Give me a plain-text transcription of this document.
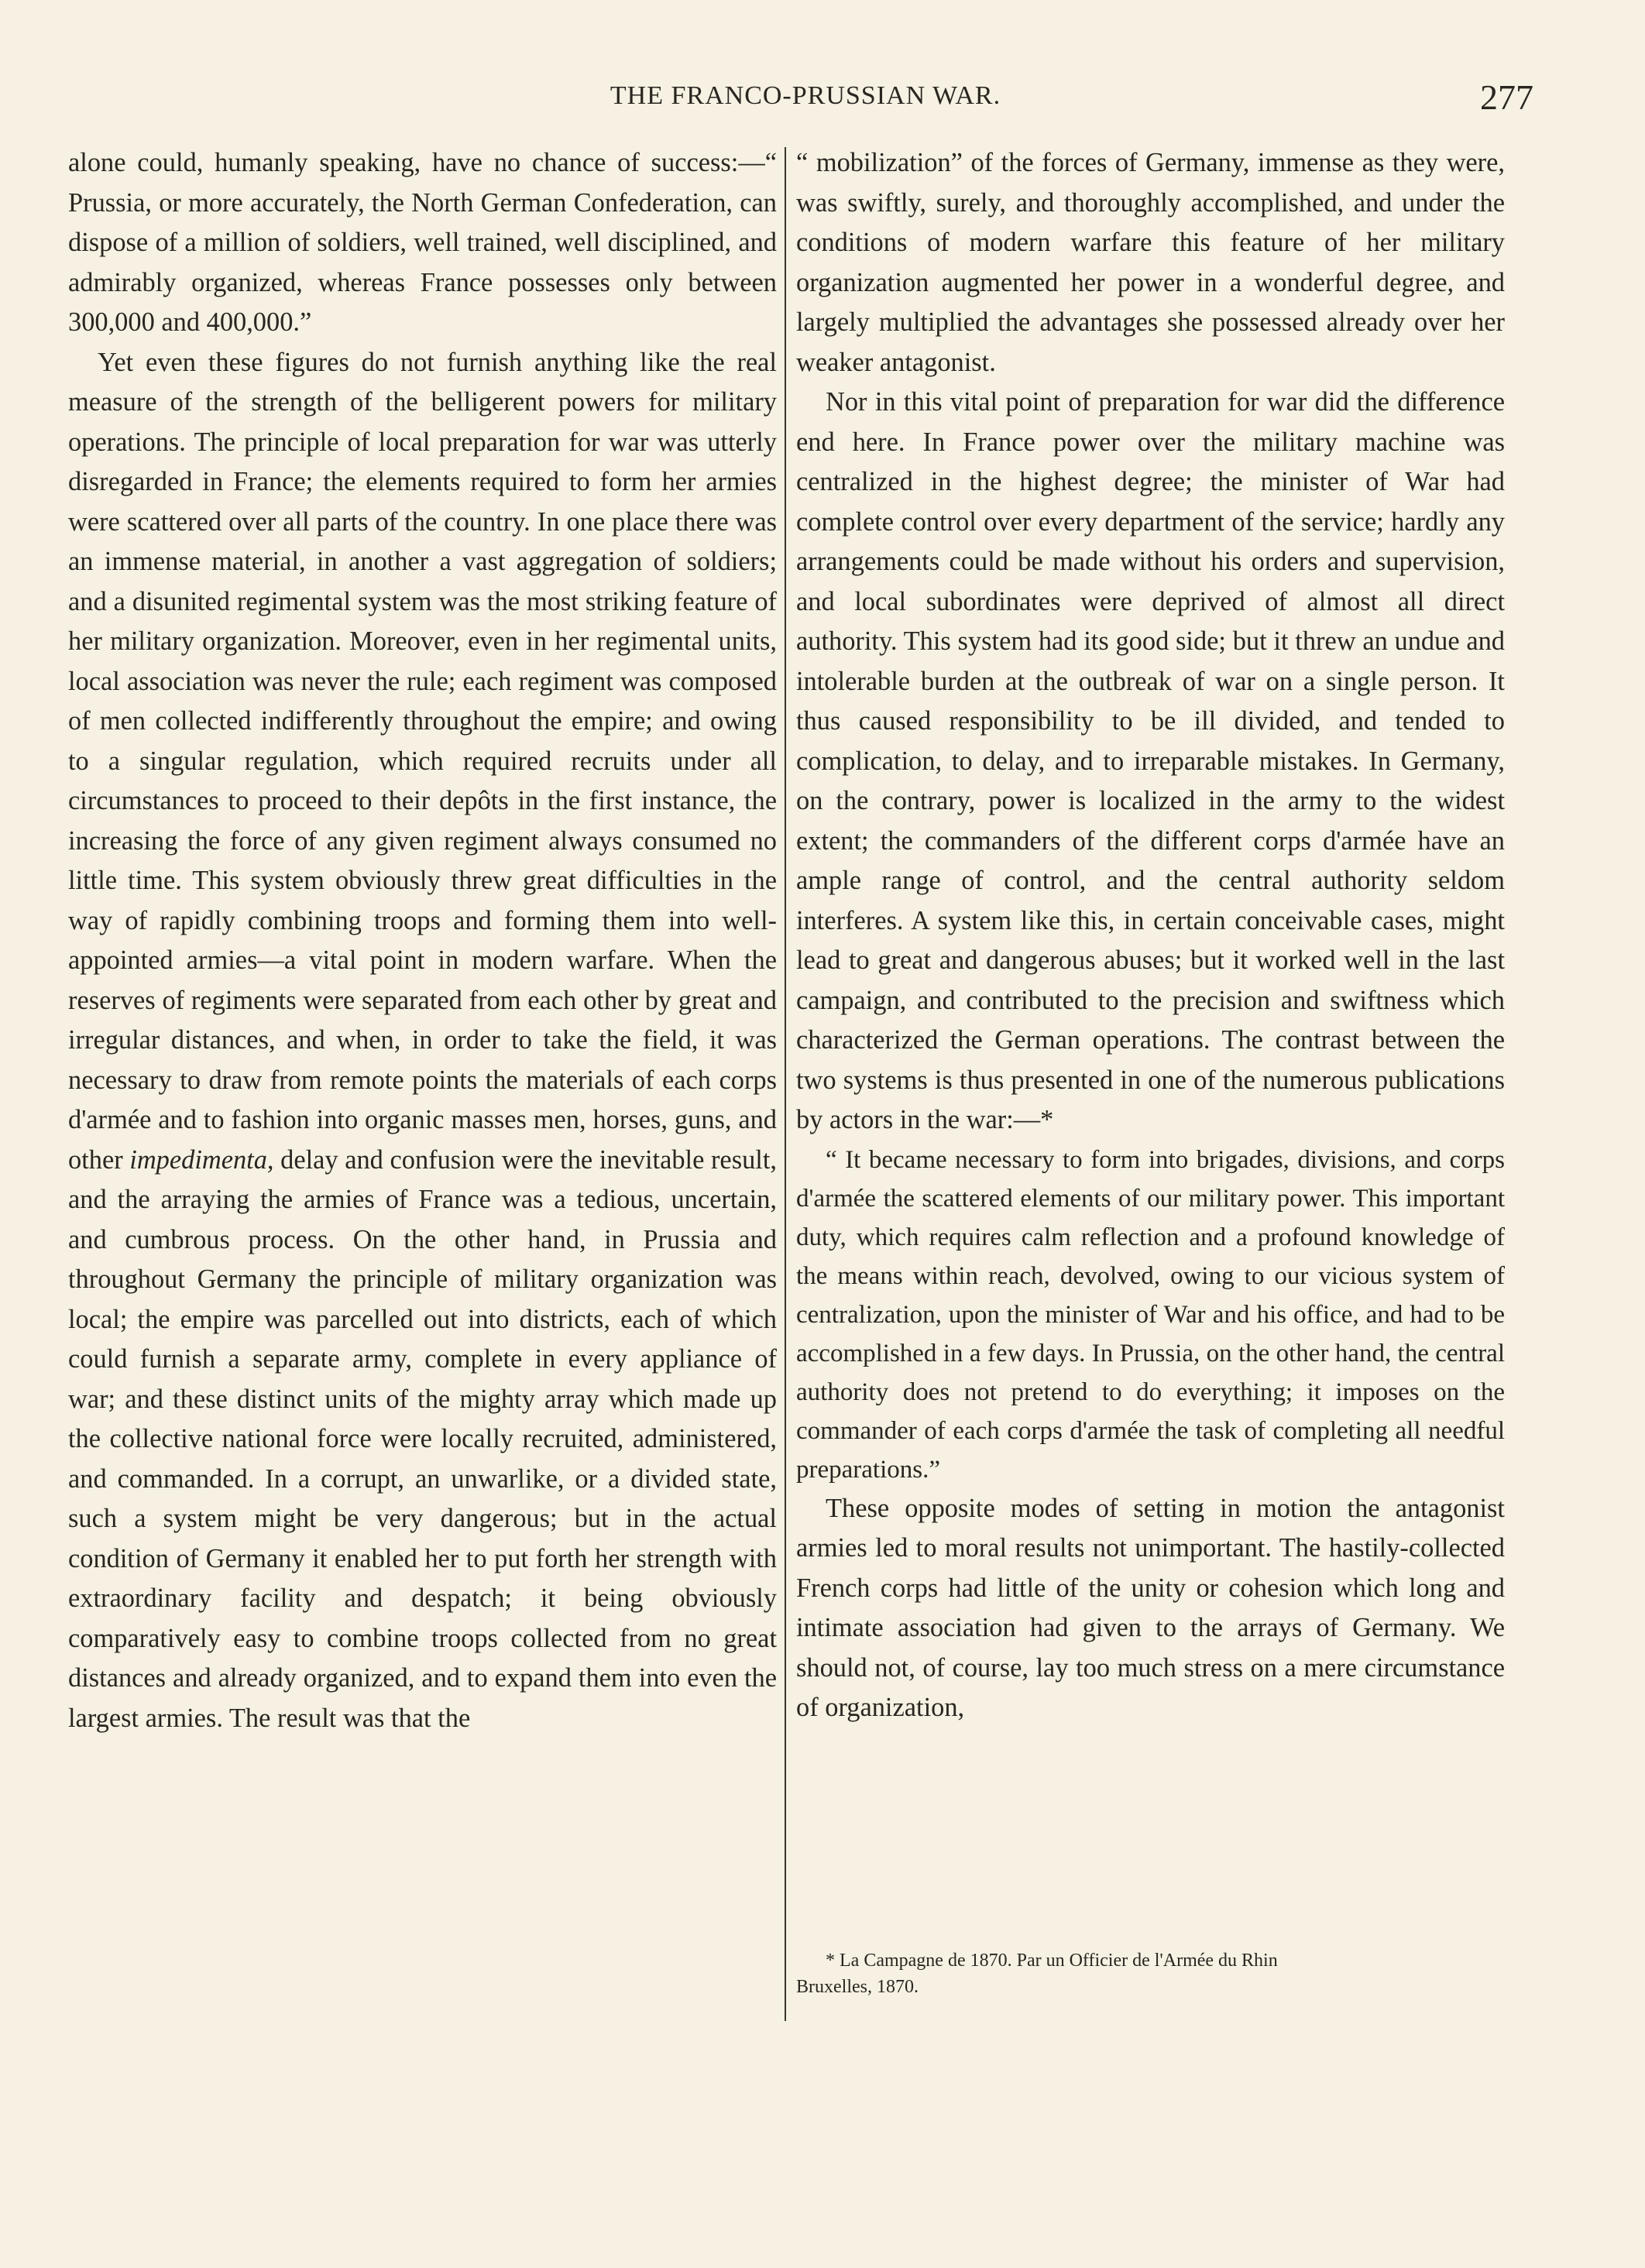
THE FRANCO-PRUSSIAN WAR.	277

alone could, humanly speaking, have no chance of success:—“ Prussia, or more accurately, the North German Confederation, can dispose of a million of soldiers, well trained, well disciplined, and admirably organized, whereas France possesses only between 300,000 and 400,000.”

Yet even these figures do not furnish anything like the real measure of the strength of the belligerent powers for military operations. The principle of local preparation for war was utterly disregarded in France; the elements required to form her armies were scattered over all parts of the country. In one place there was an immense material, in another a vast aggregation of soldiers; and a disunited regimental system was the most striking feature of her military organization. Moreover, even in her regimental units, local association was never the rule; each regiment was composed of men collected indifferently throughout the empire; and owing to a singular regulation, which required recruits under all circumstances to proceed to their depôts in the first instance, the increasing the force of any given regiment always consumed no little time. This system obviously threw great difficulties in the way of rapidly combining troops and forming them into well-appointed armies—a vital point in modern warfare. When the reserves of regiments were separated from each other by great and irregular distances, and when, in order to take the field, it was necessary to draw from remote points the materials of each corps d'armée and to fashion into organic masses men, horses, guns, and other impedimenta, delay and confusion were the inevitable result, and the arraying the armies of France was a tedious, uncertain, and cumbrous process. On the other hand, in Prussia and throughout Germany the principle of military organization was local; the empire was parcelled out into districts, each of which could furnish a separate army, complete in every appliance of war; and these distinct units of the mighty array which made up the collective national force were locally recruited, administered, and commanded. In a corrupt, an unwarlike, or a divided state, such a system might be very dangerous; but in the actual condition of Germany it enabled her to put forth her strength with extraordinary facility and despatch; it being obviously comparatively easy to combine troops collected from no great distances and already organized, and to expand them into even the largest armies. The result was that the

“ mobilization” of the forces of Germany, immense as they were, was swiftly, surely, and thoroughly accomplished, and under the conditions of modern warfare this feature of her military organization augmented her power in a wonderful degree, and largely multiplied the advantages she possessed already over her weaker antagonist.

Nor in this vital point of preparation for war did the difference end here. In France power over the military machine was centralized in the highest degree; the minister of War had complete control over every department of the service; hardly any arrangements could be made without his orders and supervision, and local subordinates were deprived of almost all direct authority. This system had its good side; but it threw an undue and intolerable burden at the outbreak of war on a single person. It thus caused responsibility to be ill divided, and tended to complication, to delay, and to irreparable mistakes. In Germany, on the contrary, power is localized in the army to the widest extent; the commanders of the different corps d'armée have an ample range of control, and the central authority seldom interferes. A system like this, in certain conceivable cases, might lead to great and dangerous abuses; but it worked well in the last campaign, and contributed to the precision and swiftness which characterized the German operations. The contrast between the two systems is thus presented in one of the numerous publications by actors in the war:—*

“ It became necessary to form into brigades, divisions, and corps d'armée the scattered elements of our military power. This important duty, which requires calm reflection and a profound knowledge of the means within reach, devolved, owing to our vicious system of centralization, upon the minister of War and his office, and had to be accomplished in a few days. In Prussia, on the other hand, the central authority does not pretend to do everything; it imposes on the commander of each corps d'armée the task of completing all needful preparations.”

These opposite modes of setting in motion the antagonist armies led to moral results not unimportant. The hastily-collected French corps had little of the unity or cohesion which long and intimate association had given to the arrays of Germany. We should not, of course, lay too much stress on a mere circumstance of organization,

* La Campagne de 1870. Par un Officier de l'Armée du Rhin
Bruxelles, 1870.
